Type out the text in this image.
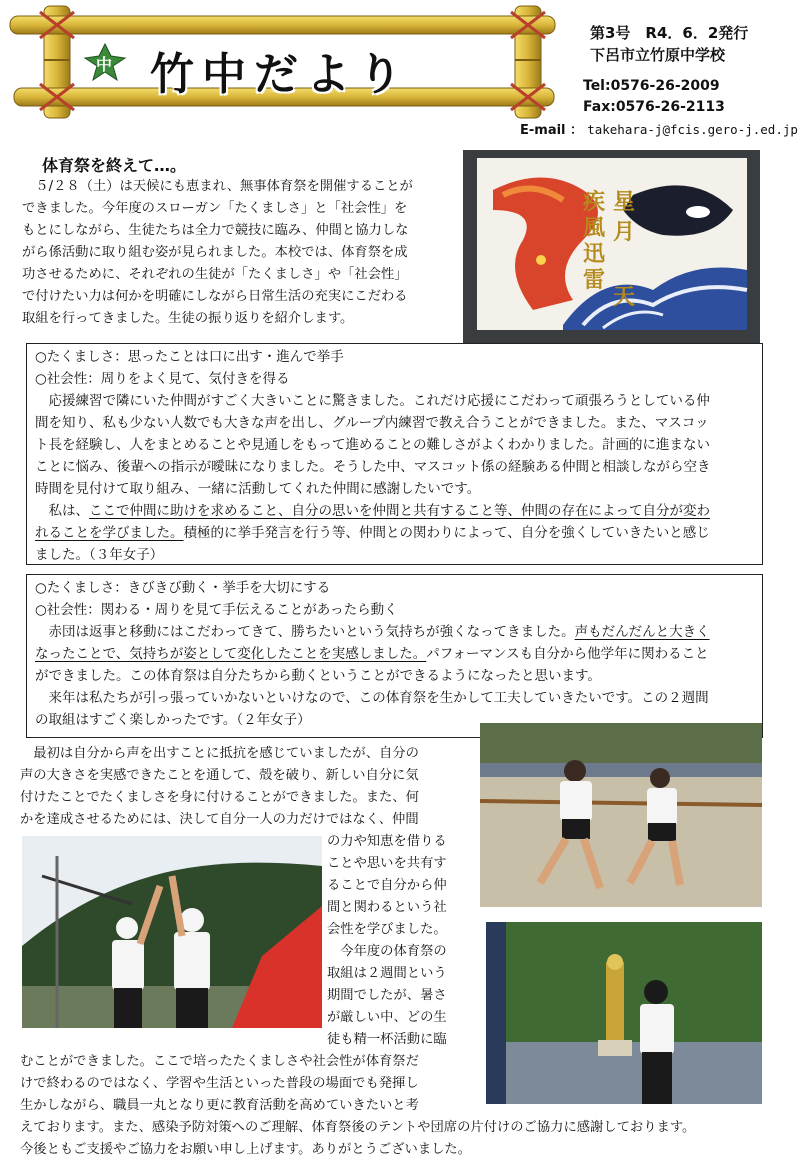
中 竹中だより
第3号　R4．6．2発行
下呂市立竹原中学校
Tel:0576-26-2009
Fax:0576-26-2113
E-mail ： takehara-j@fcis.gero-j.ed.jp
体育祭を終えて…。
　５/２８（土）は天候にも恵まれ、無事体育祭を開催することが
できました。今年度のスローガン「たくましさ」と「社会性」を
もとにしながら、生徒たちは全力で競技に臨み、仲間と協力しな
がら係活動に取り組む姿が見られました。本校では、体育祭を成
功させるために、それぞれの生徒が「たくましさ」や「社会性」
で付けたい力は何かを明確にしながら日常生活の充実にこだわる
取組を行ってきました。生徒の振り返りを紹介します。
疾
風
迅
雷
星
月
天
○たくましさ：思ったことは口に出す・進んで挙手
○社会性：周りをよく見て、気付きを得る
　応援練習で隣にいた仲間がすごく大きいことに驚きました。これだけ応援にこだわって頑張ろうとしている仲
間を知り、私も少ない人数でも大きな声を出し、グループ内練習で教え合うことができました。また、マスコッ
ト長を経験し、人をまとめることや見通しをもって進めることの難しさがよくわかりました。計画的に進まない
ことに悩み、後輩への指示が曖昧になりました。そうした中、マスコット係の経験ある仲間と相談しながら空き
時間を見付けて取り組み、一緒に活動してくれた仲間に感謝したいです。
　私は、ここで仲間に助けを求めること、自分の思いを仲間と共有すること等、仲間の存在によって自分が変わ
れることを学びました。積極的に挙手発言を行う等、仲間との関わりによって、自分を強くしていきたいと感じ
ました。（３年女子）
○たくましさ：きびきび動く・挙手を大切にする
○社会性：関わる・周りを見て手伝えることがあったら動く
　赤団は返事と移動にはこだわってきて、勝ちたいという気持ちが強くなってきました。声もだんだんと大きく
なったことで、気持ちが姿として変化したことを実感しました。パフォーマンスも自分から他学年に関わること
ができました。この体育祭は自分たちから動くということができるようになったと思います。
　来年は私たちが引っ張っていかないといけなので、この体育祭を生かして工夫していきたいです。この２週間
の取組はすごく楽しかったです。（２年女子）
　最初は自分から声を出すことに抵抗を感じていましたが、自分の
声の大きさを実感できたことを通して、殻を破り、新しい自分に気
付けたことでたくましさを身に付けることができました。また、何
かを達成させるためには、決して自分一人の力だけではなく、仲間
の力や知恵を借りる
ことや思いを共有す
ることで自分から仲
間と関わるという社
会性を学びました。
　今年度の体育祭の
取組は２週間という
期間でしたが、暑さ
が厳しい中、どの生
徒も精一杯活動に臨
むことができました。ここで培ったたくましさや社会性が体育祭だ
けで終わるのではなく、学習や生活といった普段の場面でも発揮し
生かしながら、職員一丸となり更に教育活動を高めていきたいと考
えております。また、感染予防対策へのご理解、体育祭後のテントや団席の片付けのご協力に感謝しております。
今後ともご支援やご協力をお願い申し上げます。ありがとうございました。
